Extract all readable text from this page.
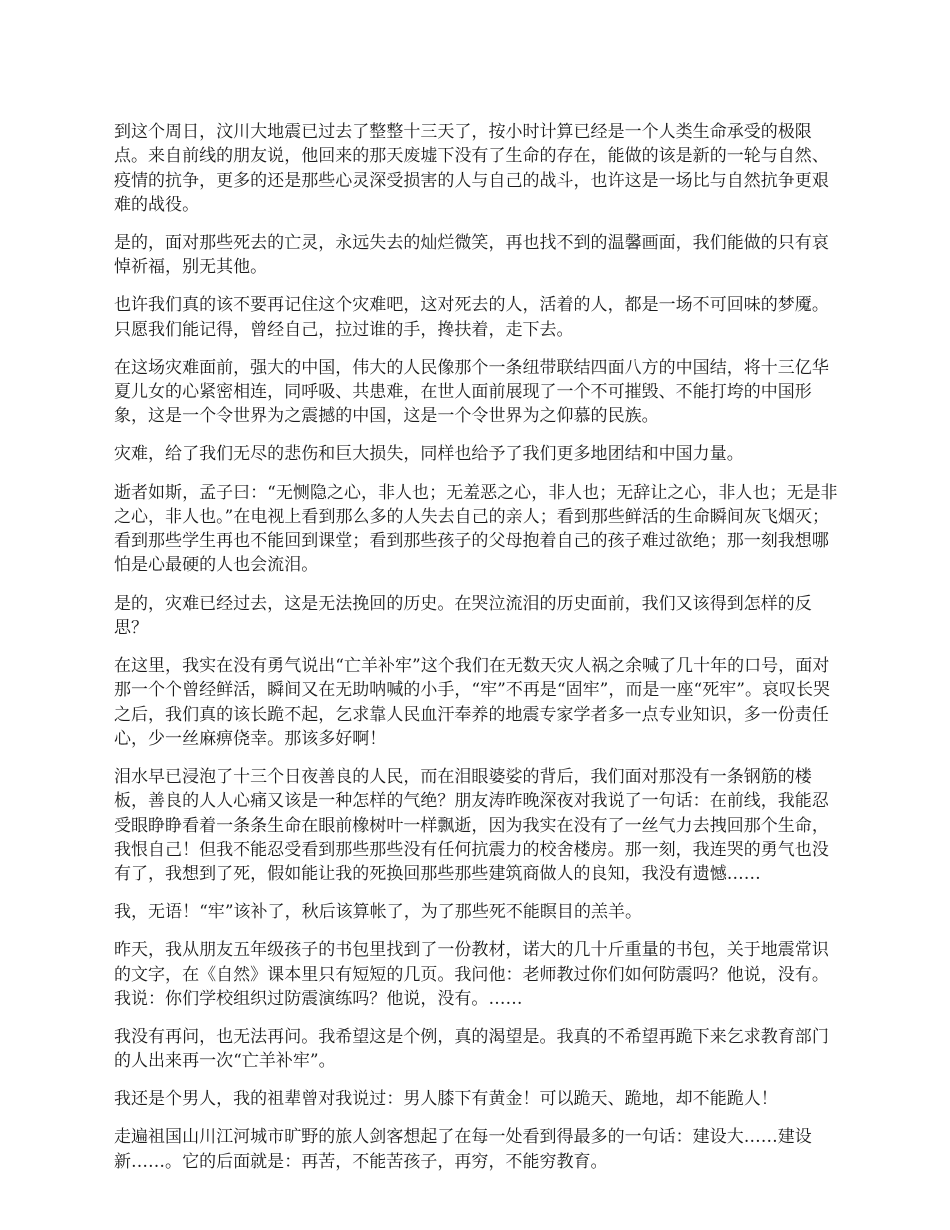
到这个周日，汶川大地震已过去了整整十三天了，按小时计算已经是一个人类生命承受的极限点。来自前线的朋友说，他回来的那天废墟下没有了生命的存在，能做的该是新的一轮与自然、疫情的抗争，更多的还是那些心灵深受损害的人与自己的战斗，也许这是一场比与自然抗争更艰难的战役。

是的，面对那些死去的亡灵，永远失去的灿烂微笑，再也找不到的温馨画面，我们能做的只有哀悼祈福，别无其他。

也许我们真的该不要再记住这个灾难吧，这对死去的人，活着的人，都是一场不可回味的梦魇。只愿我们能记得，曾经自己，拉过谁的手，搀扶着，走下去。

在这场灾难面前，强大的中国，伟大的人民像那个一条纽带联结四面八方的中国结，将十三亿华夏儿女的心紧密相连，同呼吸、共患难，在世人面前展现了一个不可摧毁、不能打垮的中国形象，这是一个令世界为之震撼的中国，这是一个令世界为之仰慕的民族。

灾难，给了我们无尽的悲伤和巨大损失，同样也给予了我们更多地团结和中国力量。

逝者如斯，孟子曰：“无恻隐之心，非人也；无羞恶之心，非人也；无辞让之心，非人也；无是非之心，非人也。”在电视上看到那么多的人失去自己的亲人；看到那些鲜活的生命瞬间灰飞烟灭；看到那些学生再也不能回到课堂；看到那些孩子的父母抱着自己的孩子难过欲绝；那一刻我想哪怕是心最硬的人也会流泪。

是的，灾难已经过去，这是无法挽回的历史。在哭泣流泪的历史面前，我们又该得到怎样的反思？

在这里，我实在没有勇气说出“亡羊补牢”这个我们在无数天灾人祸之余喊了几十年的口号，面对那一个个曾经鲜活，瞬间又在无助呐喊的小手，“牢”不再是“固牢”，而是一座“死牢”。哀叹长哭之后，我们真的该长跪不起，乞求靠人民血汗奉养的地震专家学者多一点专业知识，多一份责任心，少一丝麻痹侥幸。那该多好啊！

泪水早已浸泡了十三个日夜善良的人民，而在泪眼婆娑的背后，我们面对那没有一条钢筋的楼板，善良的人人心痛又该是一种怎样的气绝？朋友涛昨晚深夜对我说了一句话：在前线，我能忍受眼睁睁看着一条条生命在眼前橡树叶一样飘逝，因为我实在没有了一丝气力去拽回那个生命，我恨自己！但我不能忍受看到那些那些没有任何抗震力的校舍楼房。那一刻，我连哭的勇气也没有了，我想到了死，假如能让我的死换回那些那些建筑商做人的良知，我没有遗憾……

我，无语！“牢”该补了，秋后该算帐了，为了那些死不能瞑目的羔羊。

昨天，我从朋友五年级孩子的书包里找到了一份教材，诺大的几十斤重量的书包，关于地震常识的文字，在《自然》课本里只有短短的几页。我问他：老师教过你们如何防震吗？他说，没有。我说：你们学校组织过防震演练吗？他说，没有。……

我没有再问，也无法再问。我希望这是个例，真的渴望是。我真的不希望再跪下来乞求教育部门的人出来再一次“亡羊补牢”。

我还是个男人，我的祖辈曾对我说过：男人膝下有黄金！可以跪天、跪地，却不能跪人！

走遍祖国山川江河城市旷野的旅人剑客想起了在每一处看到得最多的一句话：建设大……建设新……。它的后面就是：再苦，不能苦孩子，再穷，不能穷教育。
